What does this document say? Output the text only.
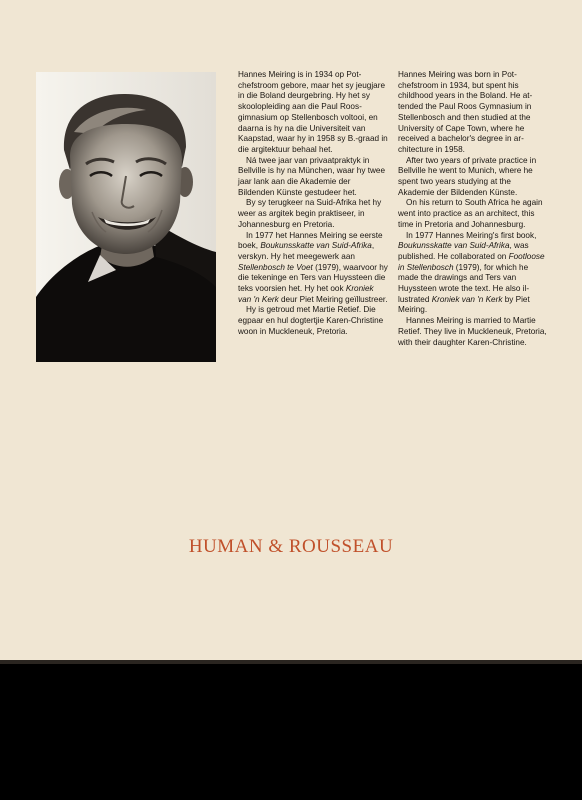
Hannes Meiring is in 1934 op Potchefstroom gebore, maar het sy jeugjare in die Boland deurgebring. Hy het sy skoolopleiding aan die Paul Roos-gimnasium op Stellenbosch voltooi, en daarna is hy na die Universiteit van Kaapstad, waar hy in 1958 sy B.-graad in die argitektuur behaal het.

Ná twee jaar van privaatpraktyk in Bellville is hy na München, waar hy twee jaar lank aan die Akademie der Bildenden Künste gestudeer het.

By sy terugkeer na Suid-Afrika het hy weer as argitek begin praktiseer, in Johannesburg en Pretoria.

In 1977 het Hannes Meiring se eerste boek, Boukunsskatte van Suid-Afrika, verskyn. Hy het meegewerk aan Stellenbosch te Voet (1979), waarvoor hy die tekeninge en Ters van Huyssteen die teks voorsien het. Hy het ook Kroniek van 'n Kerk deur Piet Meiring geïllustreer.

Hy is getroud met Martie Retief. Die egpaar en hul dogtertjie Karen-Christine woon in Muckleneuk, Pretoria.

Hannes Meiring was born in Potchefstroom in 1934, but spent his childhood years in the Boland. He attended the Paul Roos Gymnasium in Stellenbosch and then studied at the University of Cape Town, where he received a bachelor's degree in architecture in 1958.

After two years of private practice in Bellville he went to Munich, where he spent two years studying at the Akademie der Bildenden Künste.

On his return to South Africa he again went into practice as an architect, this time in Pretoria and Johannesburg.

In 1977 Hannes Meiring's first book, Boukunsskatte van Suid-Afrika, was published. He collaborated on Footloose in Stellenbosch (1979), for which he made the drawings and Ters van Huyssteen wrote the text. He also illustrated Kroniek van 'n Kerk by Piet Meiring.

Hannes Meiring is married to Martie Retief. They live in Muckleneuk, Pretoria, with their daughter Karen-Christine.

HUMAN & ROUSSEAU
